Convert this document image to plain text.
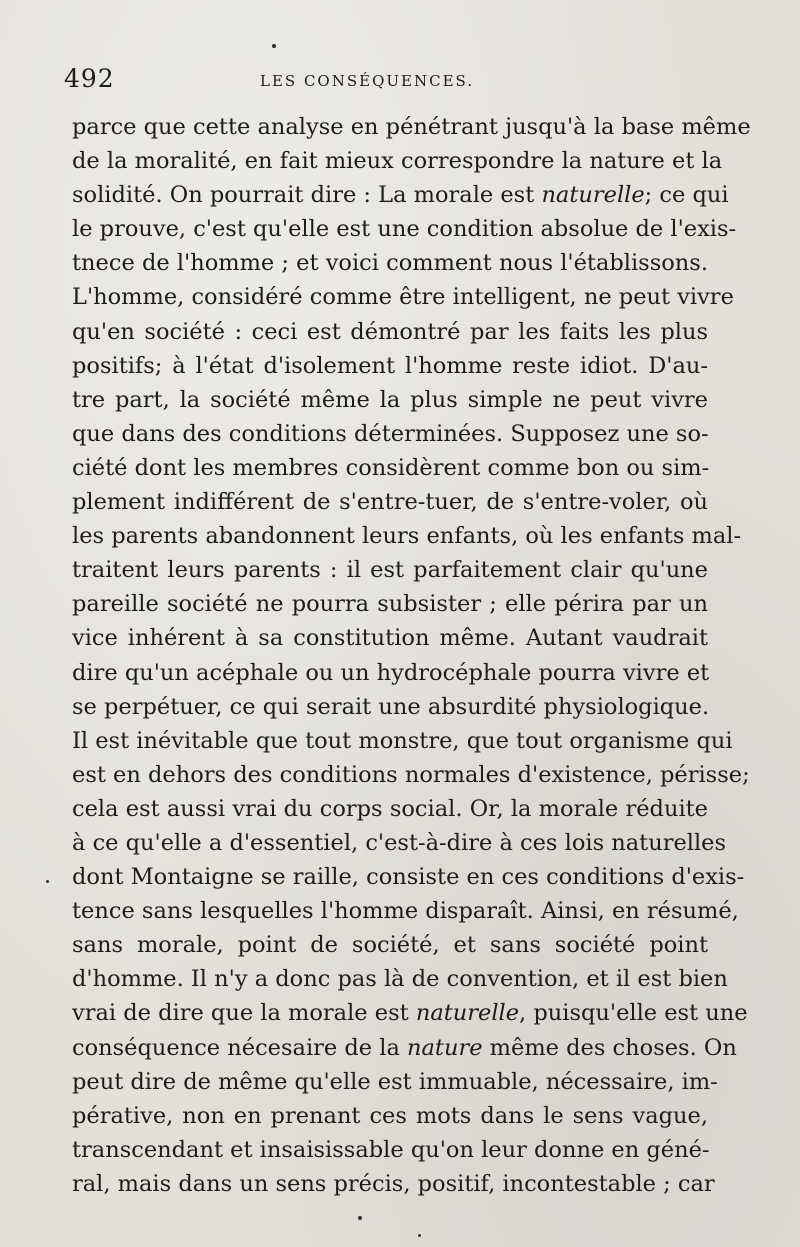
492	LES CONSÉQUENCES.
parce que cette analyse en pénétrant jusqu'à la base même
de la moralité, en fait mieux correspondre la nature et la
solidité. On pourrait dire : La morale est naturelle; ce qui
le prouve, c'est qu'elle est une condition absolue de l'exis-
tnece de l'homme ; et voici comment nous l'établissons.
L'homme, considéré comme être intelligent, ne peut vivre
qu'en société : ceci est démontré par les faits les plus
positifs; à l'état d'isolement l'homme reste idiot. D'au-
tre part, la société même la plus simple ne peut vivre
que dans des conditions déterminées. Supposez une so-
ciété dont les membres considèrent comme bon ou sim-
plement indifférent de s'entre-tuer, de s'entre-voler, où
les parents abandonnent leurs enfants, où les enfants mal-
traitent leurs parents : il est parfaitement clair qu'une
pareille société ne pourra subsister ; elle périra par un
vice inhérent à sa constitution même. Autant vaudrait
dire qu'un acéphale ou un hydrocéphale pourra vivre et
se perpétuer, ce qui serait une absurdité physiologique.
Il est inévitable que tout monstre, que tout organisme qui
est en dehors des conditions normales d'existence, périsse;
cela est aussi vrai du corps social. Or, la morale réduite
à ce qu'elle a d'essentiel, c'est-à-dire à ces lois naturelles
dont Montaigne se raille, consiste en ces conditions d'exis-
tence sans lesquelles l'homme disparaît. Ainsi, en résumé,
sans morale, point de société, et sans société point
d'homme. Il n'y a donc pas là de convention, et il est bien
vrai de dire que la morale est naturelle, puisqu'elle est une
conséquence nécesaire de la nature même des choses. On
peut dire de même qu'elle est immuable, nécessaire, im-
pérative, non en prenant ces mots dans le sens vague,
transcendant et insaisissable qu'on leur donne en géné-
ral, mais dans un sens précis, positif, incontestable ; car
